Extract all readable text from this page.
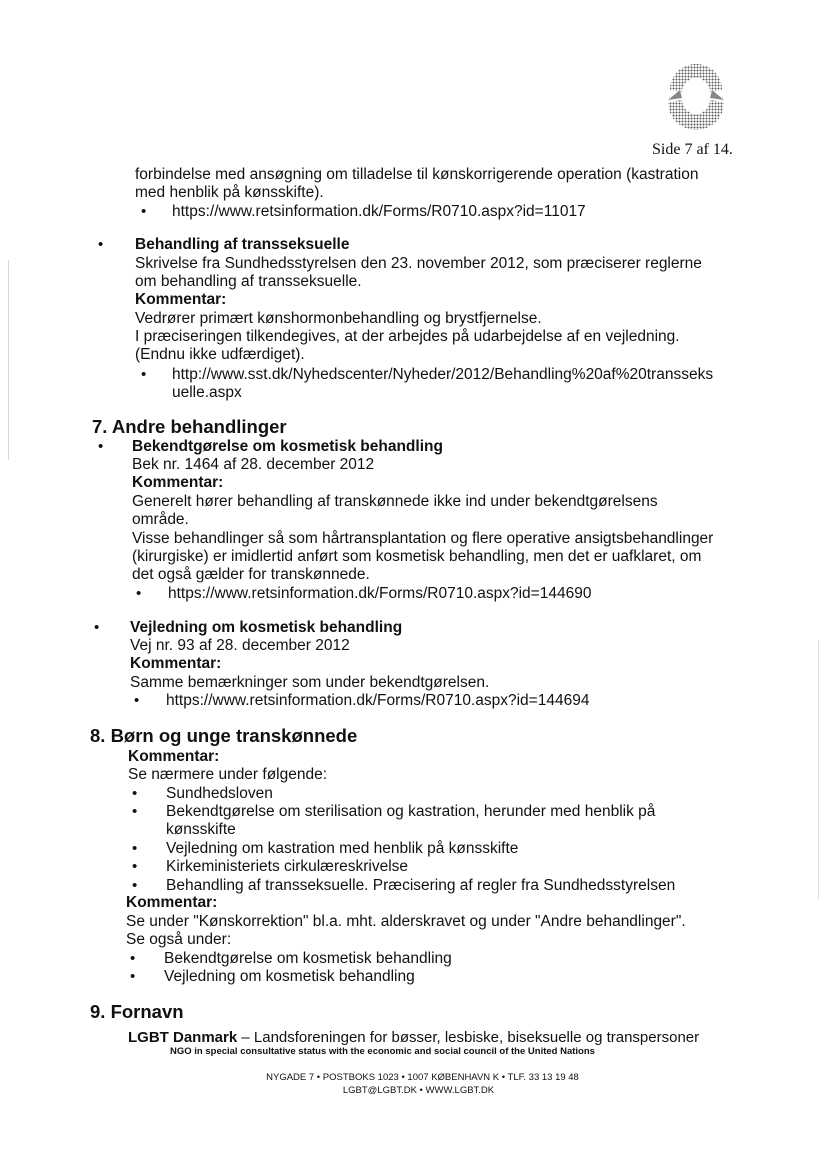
Side 7 af 14.
forbindelse med ansøgning om tilladelse til kønskorrigerende operation (kastration
med henblik på kønsskifte).
• https://www.retsinformation.dk/Forms/R0710.aspx?id=11017
• Behandling af transseksuelle
Skrivelse fra Sundhedsstyrelsen den 23. november 2012, som præciserer reglerne
om behandling af transseksuelle.
Kommentar:
Vedrører primært kønshormonbehandling og brystfjernelse.
I præciseringen tilkendegives, at der arbejdes på udarbejdelse af en vejledning.
(Endnu ikke udfærdiget).
• http://www.sst.dk/Nyhedscenter/Nyheder/2012/Behandling%20af%20transseks
uelle.aspx
7. Andre behandlinger
• Bekendtgørelse om kosmetisk behandling
Bek nr. 1464 af 28. december 2012
Kommentar:
Generelt hører behandling af transkønnede ikke ind under bekendtgørelsens
område.
Visse behandlinger så som hårtransplantation og flere operative ansigtsbehandlinger
(kirurgiske) er imidlertid anført som kosmetisk behandling, men det er uafklaret, om
det også gælder for transkønnede.
• https://www.retsinformation.dk/Forms/R0710.aspx?id=144690
• Vejledning om kosmetisk behandling
Vej nr. 93 af 28. december 2012
Kommentar:
Samme bemærkninger som under bekendtgørelsen.
• https://www.retsinformation.dk/Forms/R0710.aspx?id=144694
8. Børn og unge transkønnede
Kommentar:
Se nærmere under følgende:
• Sundhedsloven
• Bekendtgørelse om sterilisation og kastration, herunder med henblik på
kønsskifte
• Vejledning om kastration med henblik på kønsskifte
• Kirkeministeriets cirkulæreskrivelse
• Behandling af transseksuelle. Præcisering af regler fra Sundhedsstyrelsen
Kommentar:
Se under "Kønskorrektion" bl.a. mht. alderskravet og under "Andre behandlinger".
Se også under:
• Bekendtgørelse om kosmetisk behandling
• Vejledning om kosmetisk behandling
9. Fornavn
LGBT Danmark – Landsforeningen for bøsser, lesbiske, biseksuelle og transpersoner
NGO in special consultative status with the economic and social council of the United Nations
NYGADE 7 • POSTBOKS 1023 • 1007 KØBENHAVN K • TLF. 33 13 19 48
LGBT@LGBT.DK • WWW.LGBT.DK
